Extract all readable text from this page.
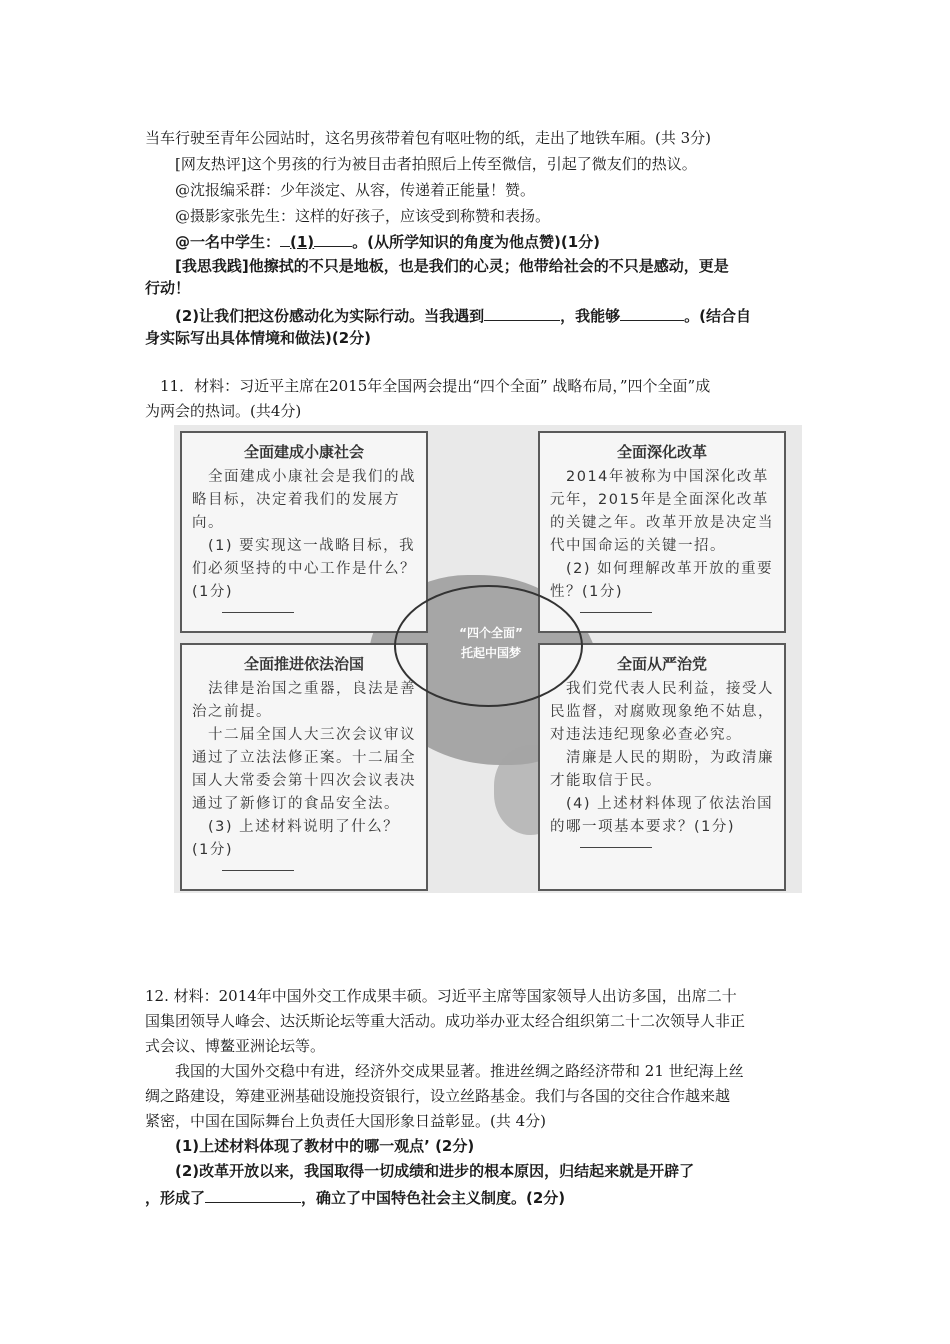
当车行驶至青年公园站时，这名男孩带着包有呕吐物的纸，走出了地铁车厢。(共 3分)
[网友热评]这个男孩的行为被目击者拍照后上传至微信，引起了微友们的热议。
@沈报编采群：少年淡定、从容，传递着正能量！赞。
@摄影家张先生：这样的好孩子，应该受到称赞和表扬。
@一名中学生： (1)	。(从所学知识的角度为他点赞)(1分)
[我思我践]他擦拭的不只是地板，也是我们的心灵；他带给社会的不只是感动，更是
行动！
(2)让我们把这份感动化为实际行动。当我遇到	，我能够	。(结合自
身实际写出具体情境和做法)(2分)
11．材料：习近平主席在2015年全国两会提出“四个全面” 战略布局，”四个全面”成
为两会的热词。(共4分)
全面建成小康社会
　全面建成小康社会是我们的战略目标，决定着我们的发展方向。
　(1) 要实现这一战略目标，我们必须坚持的中心工作是什么？(1分)
全面深化改革
　2014年被称为中国深化改革元年，2015年是全面深化改革的关键之年。改革开放是决定当代中国命运的关键一招。
　(2) 如何理解改革开放的重要性？(1分)
全面推进依法治国
　法律是治国之重器，良法是善治之前提。
　十二届全国人大三次会议审议通过了立法法修正案。十二届全国人大常委会第十四次会议表决通过了新修订的食品安全法。
　(3) 上述材料说明了什么？(1分)
全面从严治党
　我们党代表人民利益，接受人民监督，对腐败现象绝不姑息，对违法违纪现象必查必究。
　清廉是人民的期盼，为政清廉才能取信于民。
　(4) 上述材料体现了依法治国的哪一项基本要求？(1分)
“四个全面”
托起中国梦
12. 材料：2014年中国外交工作成果丰硕。习近平主席等国家领导人出访多国，出席二十
国集团领导人峰会、达沃斯论坛等重大活动。成功举办亚太经合组织第二十二次领导人非正
式会议、博鳌亚洲论坛等。
我国的大国外交稳中有进，经济外交成果显著。推进丝绸之路经济带和 21 世纪海上丝
绸之路建设，筹建亚洲基础设施投资银行，设立丝路基金。我们与各国的交往合作越来越
紧密，中国在国际舞台上负责任大国形象日益彰显。(共 4分)
(1)上述材料体现了教材中的哪一观点’ (2分)
(2)改革开放以来，我国取得一切成绩和进步的根本原因，归结起来就是开辟了
，形成了	，确立了中国特色社会主义制度。(2分)
